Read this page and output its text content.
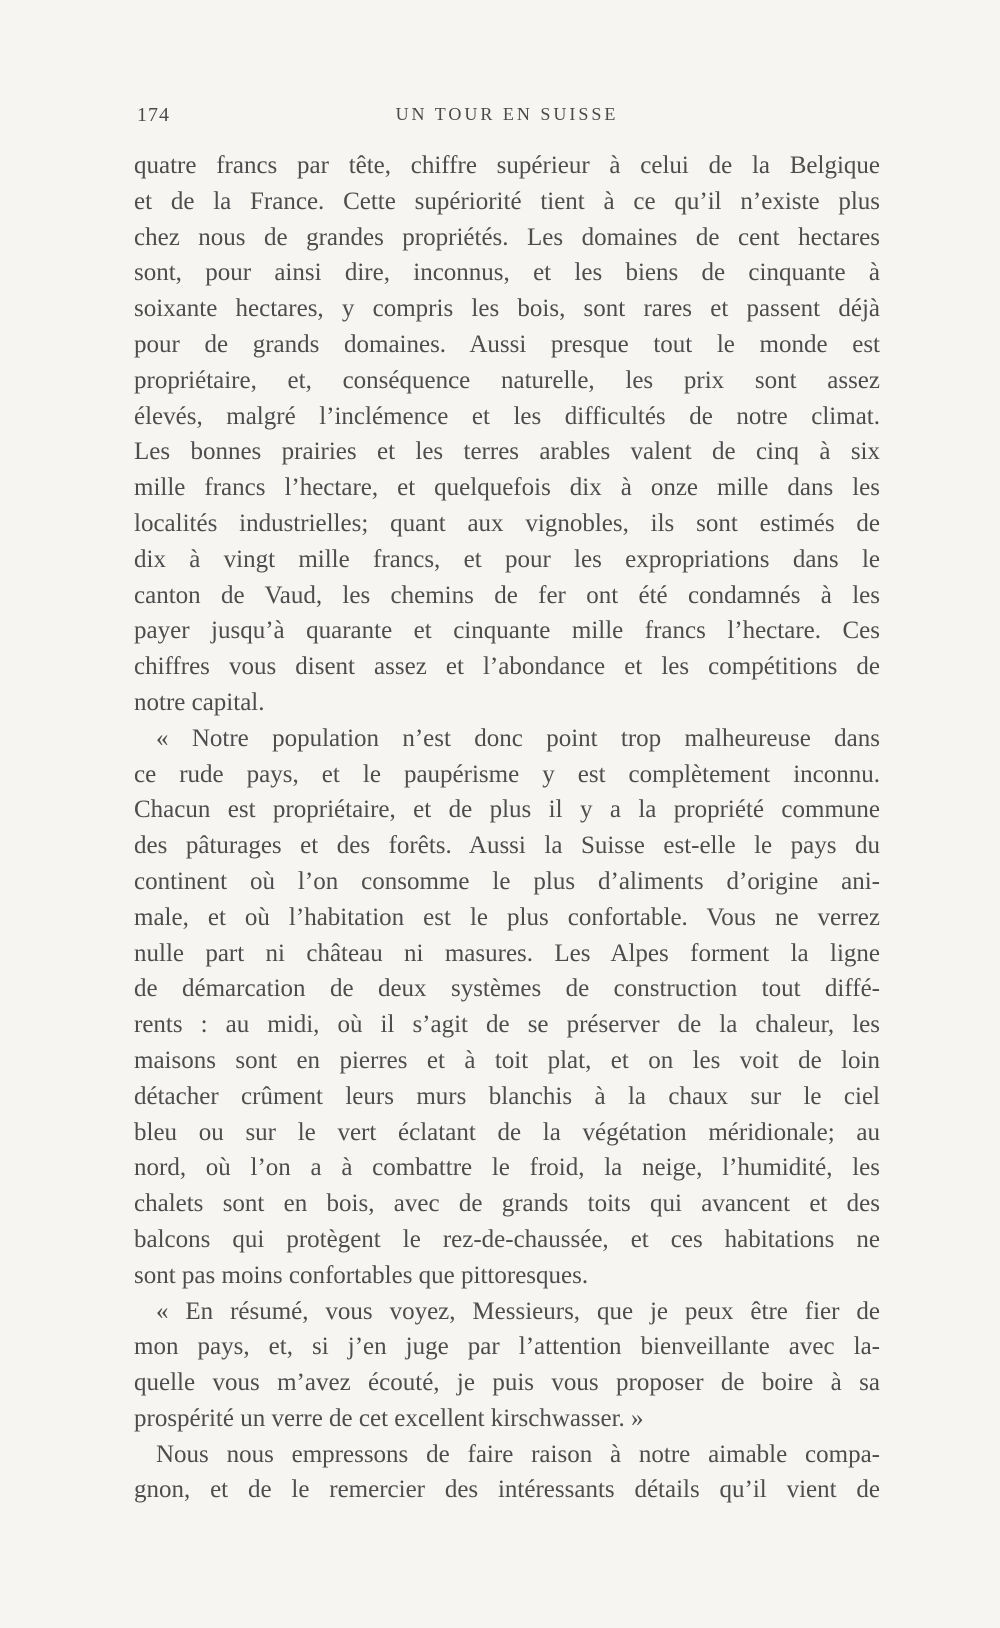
174	UN TOUR EN SUISSE
quatre francs par tête, chiffre supérieur à celui de la Belgique
et de la France. Cette supériorité tient à ce qu’il n’existe plus
chez nous de grandes propriétés. Les domaines de cent hectares
sont, pour ainsi dire, inconnus, et les biens de cinquante à
soixante hectares, y compris les bois, sont rares et passent déjà
pour de grands domaines. Aussi presque tout le monde est
propriétaire, et, conséquence naturelle, les prix sont assez
élevés, malgré l’inclémence et les difficultés de notre climat.
Les bonnes prairies et les terres arables valent de cinq à six
mille francs l’hectare, et quelquefois dix à onze mille dans les
localités industrielles; quant aux vignobles, ils sont estimés de
dix à vingt mille francs, et pour les expropriations dans le
canton de Vaud, les chemins de fer ont été condamnés à les
payer jusqu’à quarante et cinquante mille francs l’hectare. Ces
chiffres vous disent assez et l’abondance et les compétitions de
notre capital.
« Notre population n’est donc point trop malheureuse dans
ce rude pays, et le paupérisme y est complètement inconnu.
Chacun est propriétaire, et de plus il y a la propriété commune
des pâturages et des forêts. Aussi la Suisse est-elle le pays du
continent où l’on consomme le plus d’aliments d’origine ani-
male, et où l’habitation est le plus confortable. Vous ne verrez
nulle part ni château ni masures. Les Alpes forment la ligne
de démarcation de deux systèmes de construction tout diffé-
rents : au midi, où il s’agit de se préserver de la chaleur, les
maisons sont en pierres et à toit plat, et on les voit de loin
détacher crûment leurs murs blanchis à la chaux sur le ciel
bleu ou sur le vert éclatant de la végétation méridionale; au
nord, où l’on a à combattre le froid, la neige, l’humidité, les
chalets sont en bois, avec de grands toits qui avancent et des
balcons qui protègent le rez-de-chaussée, et ces habitations ne
sont pas moins confortables que pittoresques.
« En résumé, vous voyez, Messieurs, que je peux être fier de
mon pays, et, si j’en juge par l’attention bienveillante avec la-
quelle vous m’avez écouté, je puis vous proposer de boire à sa
prospérité un verre de cet excellent kirschwasser. »
Nous nous empressons de faire raison à notre aimable compa-
gnon, et de le remercier des intéressants détails qu’il vient de
